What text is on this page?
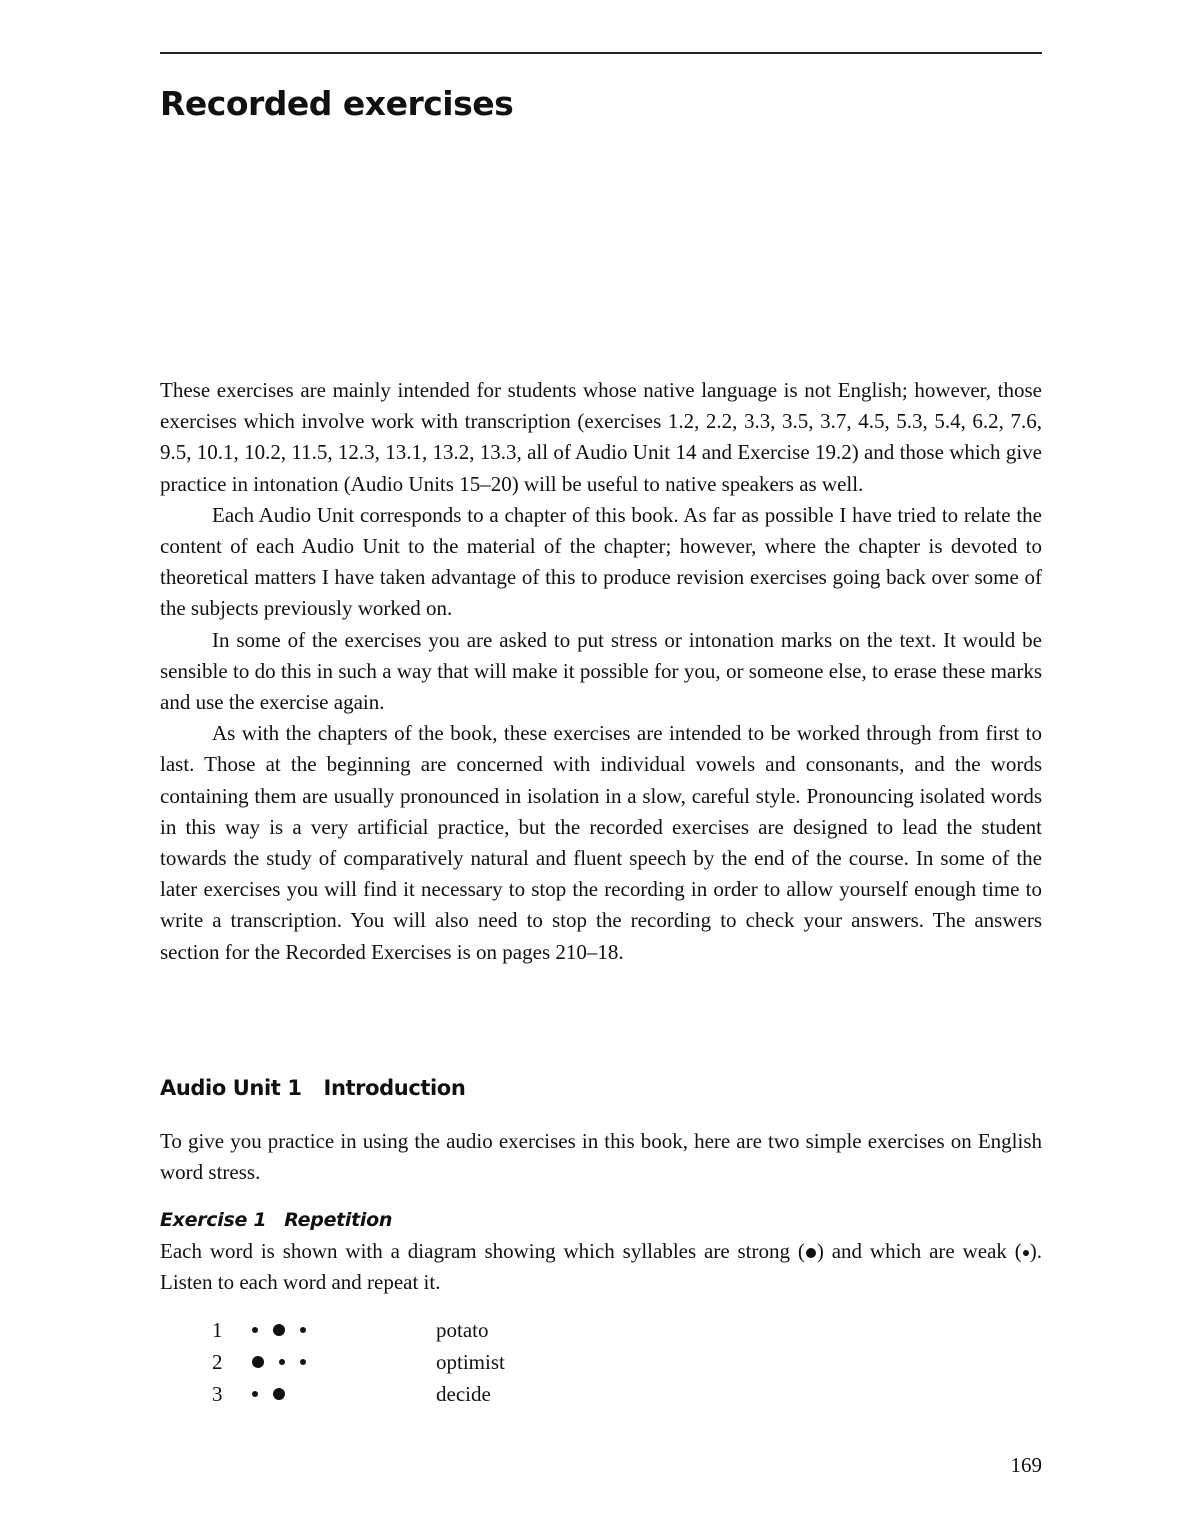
Recorded exercises

These exercises are mainly intended for students whose native language is not English; however, those exercises which involve work with transcription (exercises 1.2, 2.2, 3.3, 3.5, 3.7, 4.5, 5.3, 5.4, 6.2, 7.6, 9.5, 10.1, 10.2, 11.5, 12.3, 13.1, 13.2, 13.3, all of Audio Unit 14 and Exercise 19.2) and those which give practice in intonation (Audio Units 15–20) will be useful to native speakers as well.

Each Audio Unit corresponds to a chapter of this book. As far as possible I have tried to relate the content of each Audio Unit to the material of the chapter; however, where the chapter is devoted to theoretical matters I have taken advantage of this to produce revision exercises going back over some of the subjects previously worked on.

In some of the exercises you are asked to put stress or intonation marks on the text. It would be sensible to do this in such a way that will make it possible for you, or someone else, to erase these marks and use the exercise again.

As with the chapters of the book, these exercises are intended to be worked through from first to last. Those at the beginning are concerned with individual vowels and consonants, and the words containing them are usually pronounced in isolation in a slow, careful style. Pronouncing isolated words in this way is a very artificial practice, but the recorded exercises are designed to lead the student towards the study of comparatively natural and fluent speech by the end of the course. In some of the later exercises you will find it necessary to stop the recording in order to allow yourself enough time to write a transcription. You will also need to stop the recording to check your answers. The answers section for the Recorded Exercises is on pages 210–18.

Audio Unit 1 Introduction

To give you practice in using the audio exercises in this book, here are two simple exercises on English word stress.

Exercise 1 Repetition

Each word is shown with a diagram showing which syllables are strong ( ) and which are weak ( ). Listen to each word and repeat it.

1	potato
2	optimist
3	decide
169
